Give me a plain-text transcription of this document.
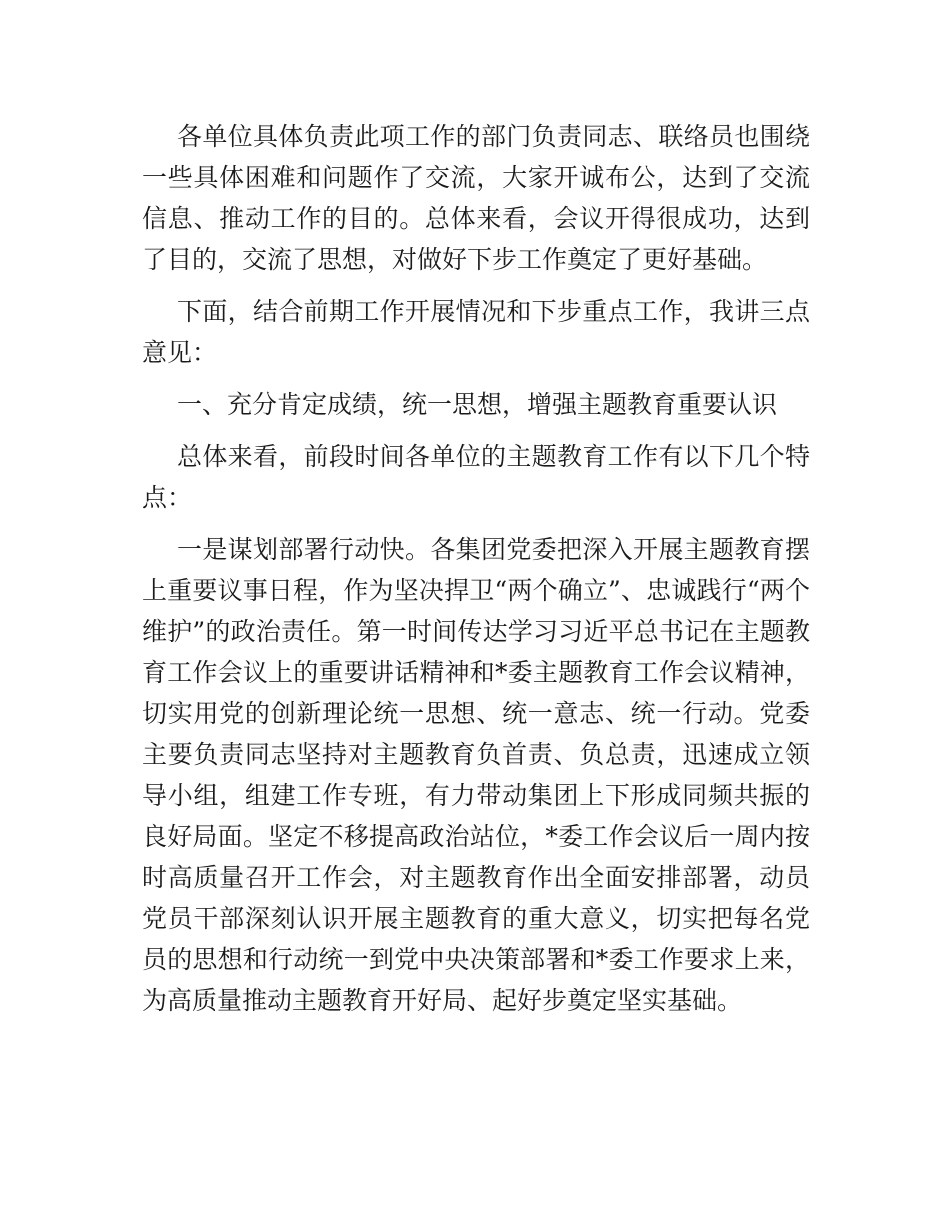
各单位具体负责此项工作的部门负责同志、联络员也围绕一些具体困难和问题作了交流，大家开诚布公，达到了交流信息、推动工作的目的。总体来看，会议开得很成功，达到了目的，交流了思想，对做好下步工作奠定了更好基础。

下面，结合前期工作开展情况和下步重点工作，我讲三点意见：

一、充分肯定成绩，统一思想，增强主题教育重要认识

总体来看，前段时间各单位的主题教育工作有以下几个特点：

一是谋划部署行动快。各集团党委把深入开展主题教育摆上重要议事日程，作为坚决捍卫“两个确立”、忠诚践行“两个维护”的政治责任。第一时间传达学习习近平总书记在主题教育工作会议上的重要讲话精神和*委主题教育工作会议精神，切实用党的创新理论统一思想、统一意志、统一行动。党委主要负责同志坚持对主题教育负首责、负总责，迅速成立领导小组，组建工作专班，有力带动集团上下形成同频共振的良好局面。坚定不移提高政治站位，*委工作会议后一周内按时高质量召开工作会，对主题教育作出全面安排部署，动员党员干部深刻认识开展主题教育的重大意义，切实把每名党员的思想和行动统一到党中央决策部署和*委工作要求上来，为高质量推动主题教育开好局、起好步奠定坚实基础。
